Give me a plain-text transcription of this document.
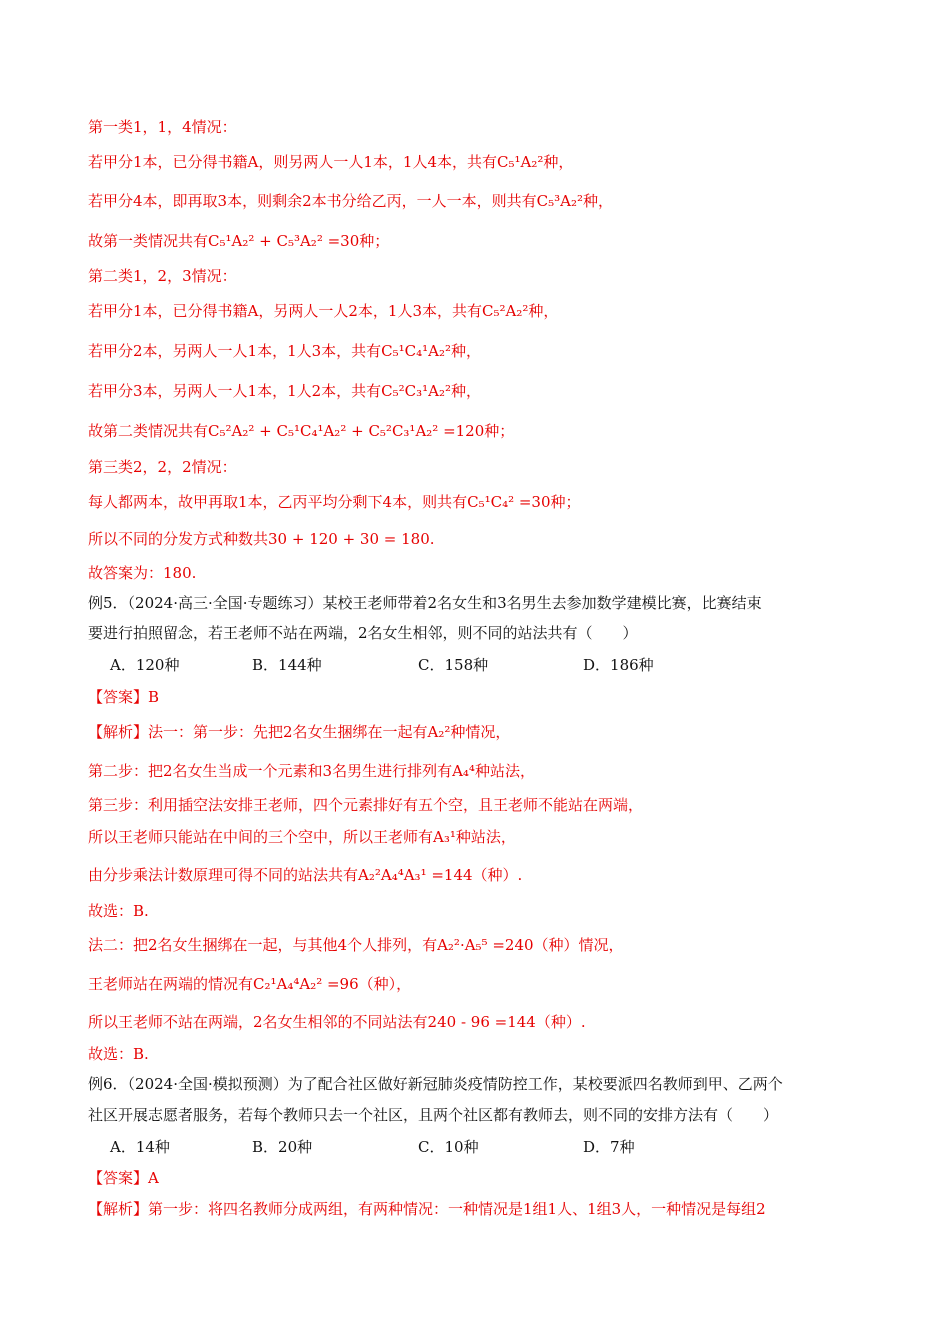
第一类1，1，4情况：
若甲分1本，已分得书籍A，则另两人一人1本，1人4本，共有C₅¹A₂²种，
若甲分4本，即再取3本，则剩余2本书分给乙丙，一人一本，则共有C₅³A₂²种，
故第一类情况共有C₅¹A₂² + C₅³A₂² =30种；
第二类1，2，3情况：
若甲分1本，已分得书籍A，另两人一人2本，1人3本，共有C₅²A₂²种，
若甲分2本，另两人一人1本，1人3本，共有C₅¹C₄¹A₂²种，
若甲分3本，另两人一人1本，1人2本，共有C₅²C₃¹A₂²种，
故第二类情况共有C₅²A₂² + C₅¹C₄¹A₂² + C₅²C₃¹A₂² =120种；
第三类2，2，2情况：
每人都两本，故甲再取1本，乙丙平均分剩下4本，则共有C₅¹C₄² =30种；
所以不同的分发方式种数共30 + 120 + 30 = 180.
故答案为：180.
例5．（2024·高三·全国·专题练习）某校王老师带着2名女生和3名男生去参加数学建模比赛，比赛结束
要进行拍照留念，若王老师不站在两端，2名女生相邻，则不同的站法共有（　　）
A．120种	B．144种	C．158种	D．186种
【答案】B
【解析】法一：第一步：先把2名女生捆绑在一起有A₂²种情况，
第二步：把2名女生当成一个元素和3名男生进行排列有A₄⁴种站法，
第三步：利用插空法安排王老师，四个元素排好有五个空，且王老师不能站在两端，
所以王老师只能站在中间的三个空中，所以王老师有A₃¹种站法，
由分步乘法计数原理可得不同的站法共有A₂²A₄⁴A₃¹ =144（种）.
故选：B.
法二：把2名女生捆绑在一起，与其他4个人排列，有A₂²·A₅⁵ =240（种）情况，
王老师站在两端的情况有C₂¹A₄⁴A₂² =96（种），
所以王老师不站在两端，2名女生相邻的不同站法有240 - 96 =144（种）.
故选：B.
例6．（2024·全国·模拟预测）为了配合社区做好新冠肺炎疫情防控工作，某校要派四名教师到甲、乙两个
社区开展志愿者服务，若每个教师只去一个社区，且两个社区都有教师去，则不同的安排方法有（　　）
A．14种	B．20种	C．10种	D．7种
【答案】A
【解析】第一步：将四名教师分成两组，有两种情况：一种情况是1组1人、1组3人，一种情况是每组2
